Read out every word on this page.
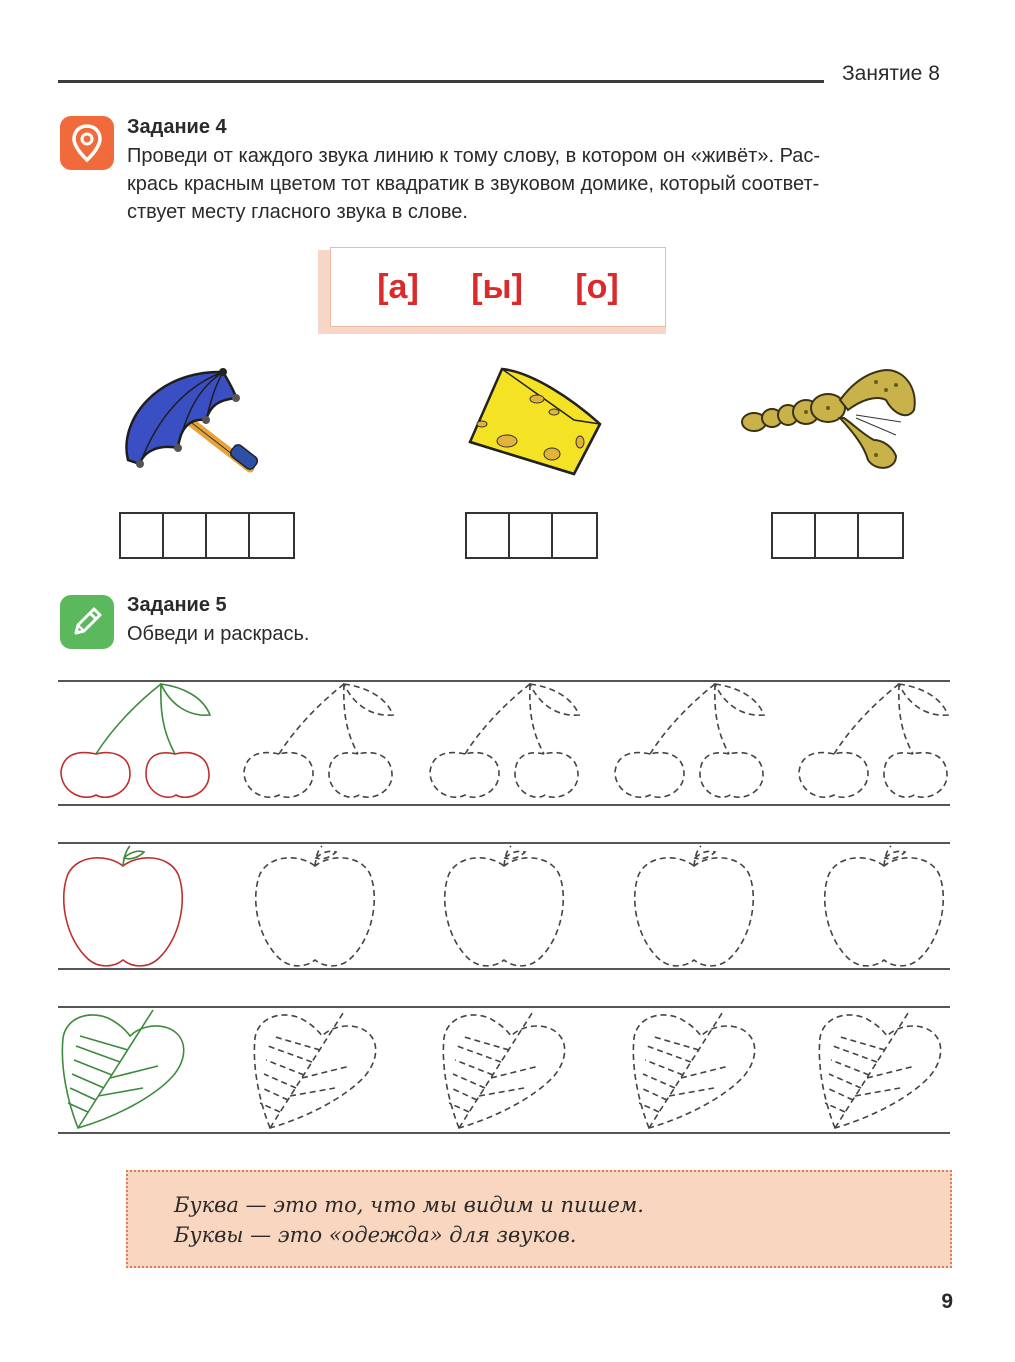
Занятие 8
Задание 4
Проведи от каждого звука линию к тому слову, в котором он «живёт». Рас-
крась красным цветом тот квадратик в звуковом домике, который соответ-
ствует месту гласного звука в слове.
[а] [ы] [о]
Задание 5
Обведи и раскрась.
Буква — это то, что мы видим и пишем.
Буквы — это «одежда» для звуков.
9
